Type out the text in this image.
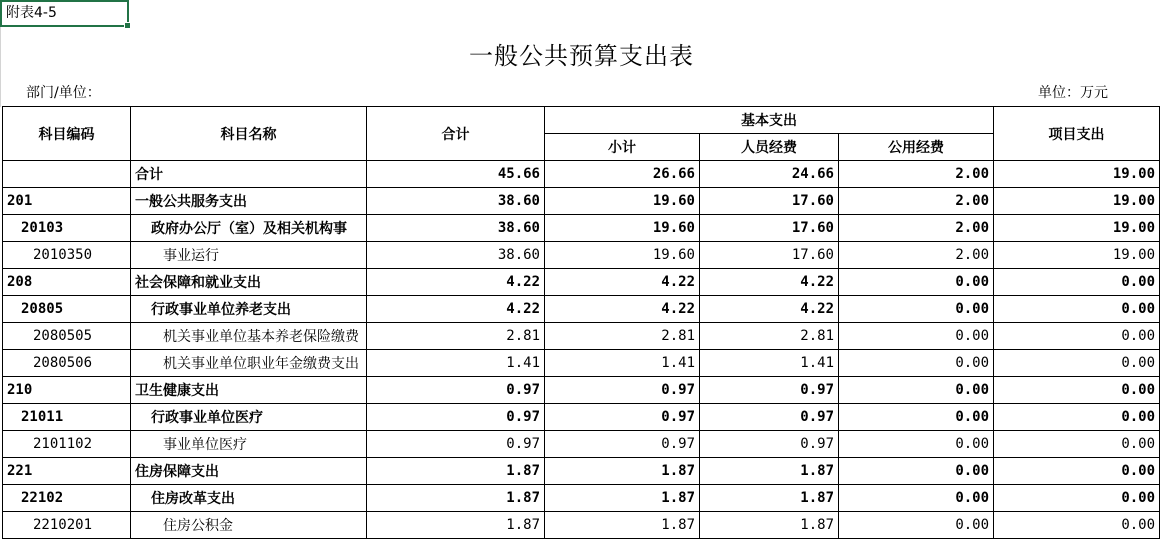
附表4-5
一般公共预算支出表
部门/单位：	单位：万元
科目编码	科目名称	合计	基本支出			项目支出
			小计	人员经费	公用经费	
	合计	45.66	26.66	24.66	2.00	19.00
201	一般公共服务支出	38.60	19.60	17.60	2.00	19.00
20103	政府办公厅（室）及相关机构事	38.60	19.60	17.60	2.00	19.00
2010350	事业运行	38.60	19.60	17.60	2.00	19.00
208	社会保障和就业支出	4.22	4.22	4.22	0.00	0.00
20805	行政事业单位养老支出	4.22	4.22	4.22	0.00	0.00
2080505	机关事业单位基本养老保险缴费	2.81	2.81	2.81	0.00	0.00
2080506	机关事业单位职业年金缴费支出	1.41	1.41	1.41	0.00	0.00
210	卫生健康支出	0.97	0.97	0.97	0.00	0.00
21011	行政事业单位医疗	0.97	0.97	0.97	0.00	0.00
2101102	事业单位医疗	0.97	0.97	0.97	0.00	0.00
221	住房保障支出	1.87	1.87	1.87	0.00	0.00
22102	住房改革支出	1.87	1.87	1.87	0.00	0.00
2210201	住房公积金	1.87	1.87	1.87	0.00	0.00
